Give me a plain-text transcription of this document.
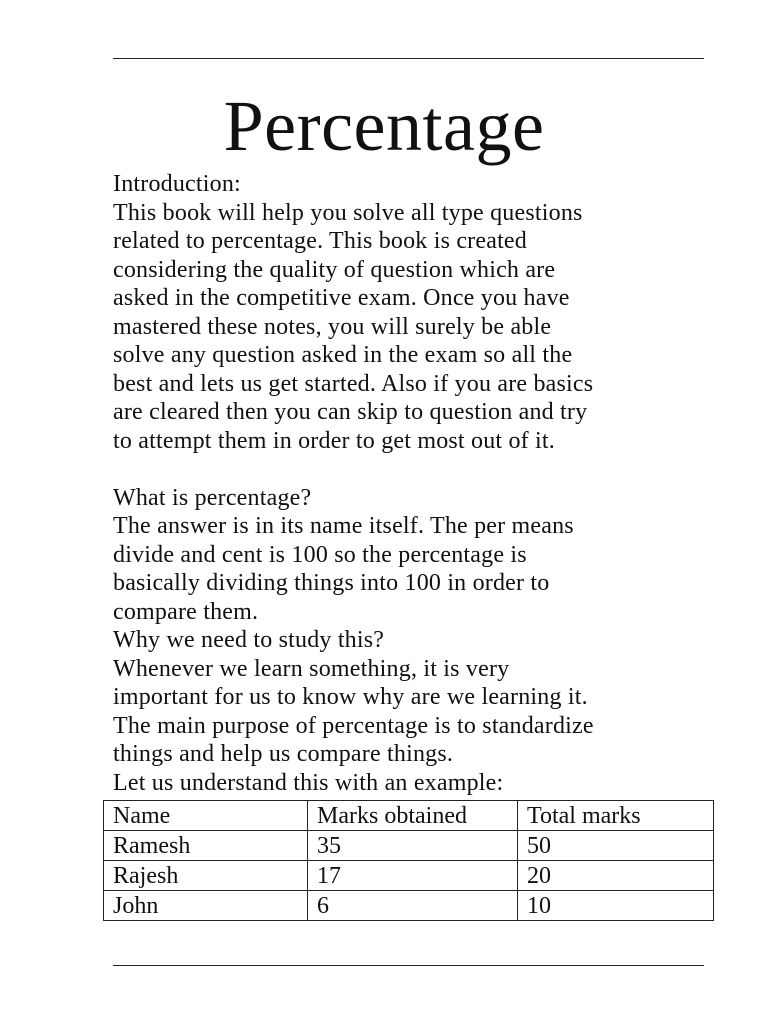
Percentage

Introduction:

This book will help you solve all type questions

related to percentage. This book is created

considering the quality of question which are

asked in the competitive exam. Once you have

mastered these notes, you will surely be able

solve any question asked in the exam so all the

best and lets us get started. Also if you are basics

are cleared then you can skip to question and try

to attempt them in order to get most out of it.

What is percentage?

The answer is in its name itself. The per means

divide and cent is 100 so the percentage is

basically dividing things into 100 in order to

compare them.

Why we need to study this?

Whenever we learn something, it is very

important for us to know why are we learning it.

The main purpose of percentage is to standardize

things and help us compare things.

Let us understand this with an example:

Name	Marks obtained	Total marks
Ramesh	35	50
Rajesh	17	20
John	6	10
